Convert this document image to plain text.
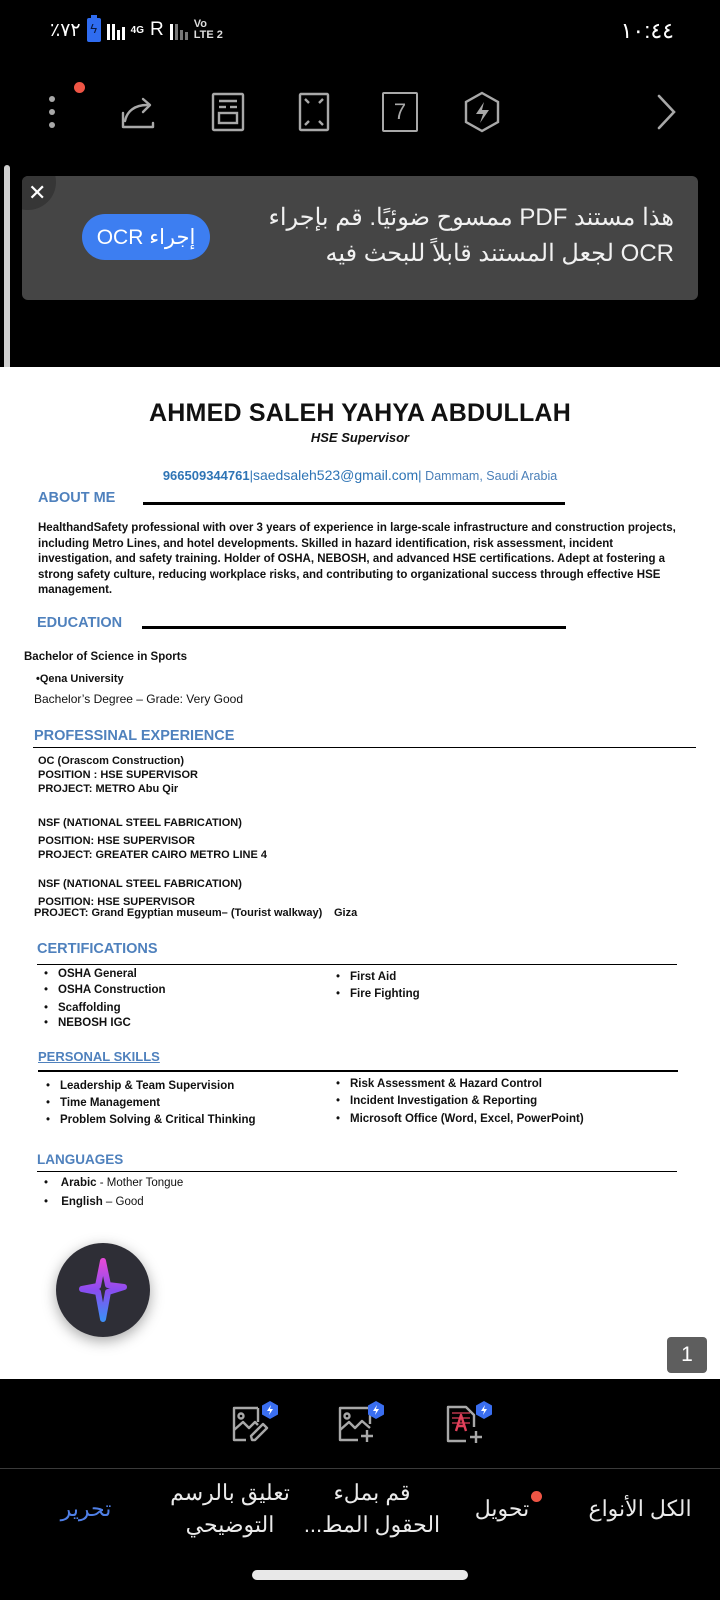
٪٧٢ ϟ	4G R	Vo LTE 2	١٠:٤٤
7
✕
هذا مستند PDF ممسوح ضوئيًا. قم بإجراء OCR لجعل المستند قابلاً للبحث فيه
إجراء OCR
AHMED SALEH YAHYA ABDULLAH
HSE Supervisor
966509344761|saedsaleh523@gmail.com| Dammam, Saudi Arabia
ABOUT ME
HealthandSafety professional with over 3 years of experience in large-scale infrastructure and construction projects, including Metro Lines, and hotel developments. Skilled in hazard identification, risk assessment, incident investigation, and safety training. Holder of OSHA, NEBOSH, and advanced HSE certifications. Adept at fostering a strong safety culture, reducing workplace risks, and contributing to organizational success through effective HSE management.
EDUCATION
Bachelor of Science in Sports
•Qena University
Bachelor’s Degree – Grade: Very Good
PROFESSINAL EXPERIENCE
OC (Orascom Construction)
POSITION : HSE SUPERVISOR
PROJECT: METRO Abu Qir
NSF (NATIONAL STEEL FABRICATION)
POSITION: HSE SUPERVISOR
PROJECT: GREATER CAIRO METRO LINE 4
NSF (NATIONAL STEEL FABRICATION)
POSITION: HSE SUPERVISOR
PROJECT: Grand Egyptian museum– (Tourist walkway) Giza
CERTIFICATIONS
• OSHA General
• OSHA Construction
• Scaffolding
• NEBOSH IGC
• First Aid
• Fire Fighting
PERSONAL SKILLS
• Leadership & Team Supervision
• Time Management
• Problem Solving & Critical Thinking
• Risk Assessment & Hazard Control
• Incident Investigation & Reporting
• Microsoft Office (Word, Excel, PowerPoint)
LANGUAGES
• Arabic - Mother Tongue
• English – Good
1
الكل الأنواع
تحويل
قم بملء
الحقول المط...
تعليق بالرسم
التوضيحي
تحرير
